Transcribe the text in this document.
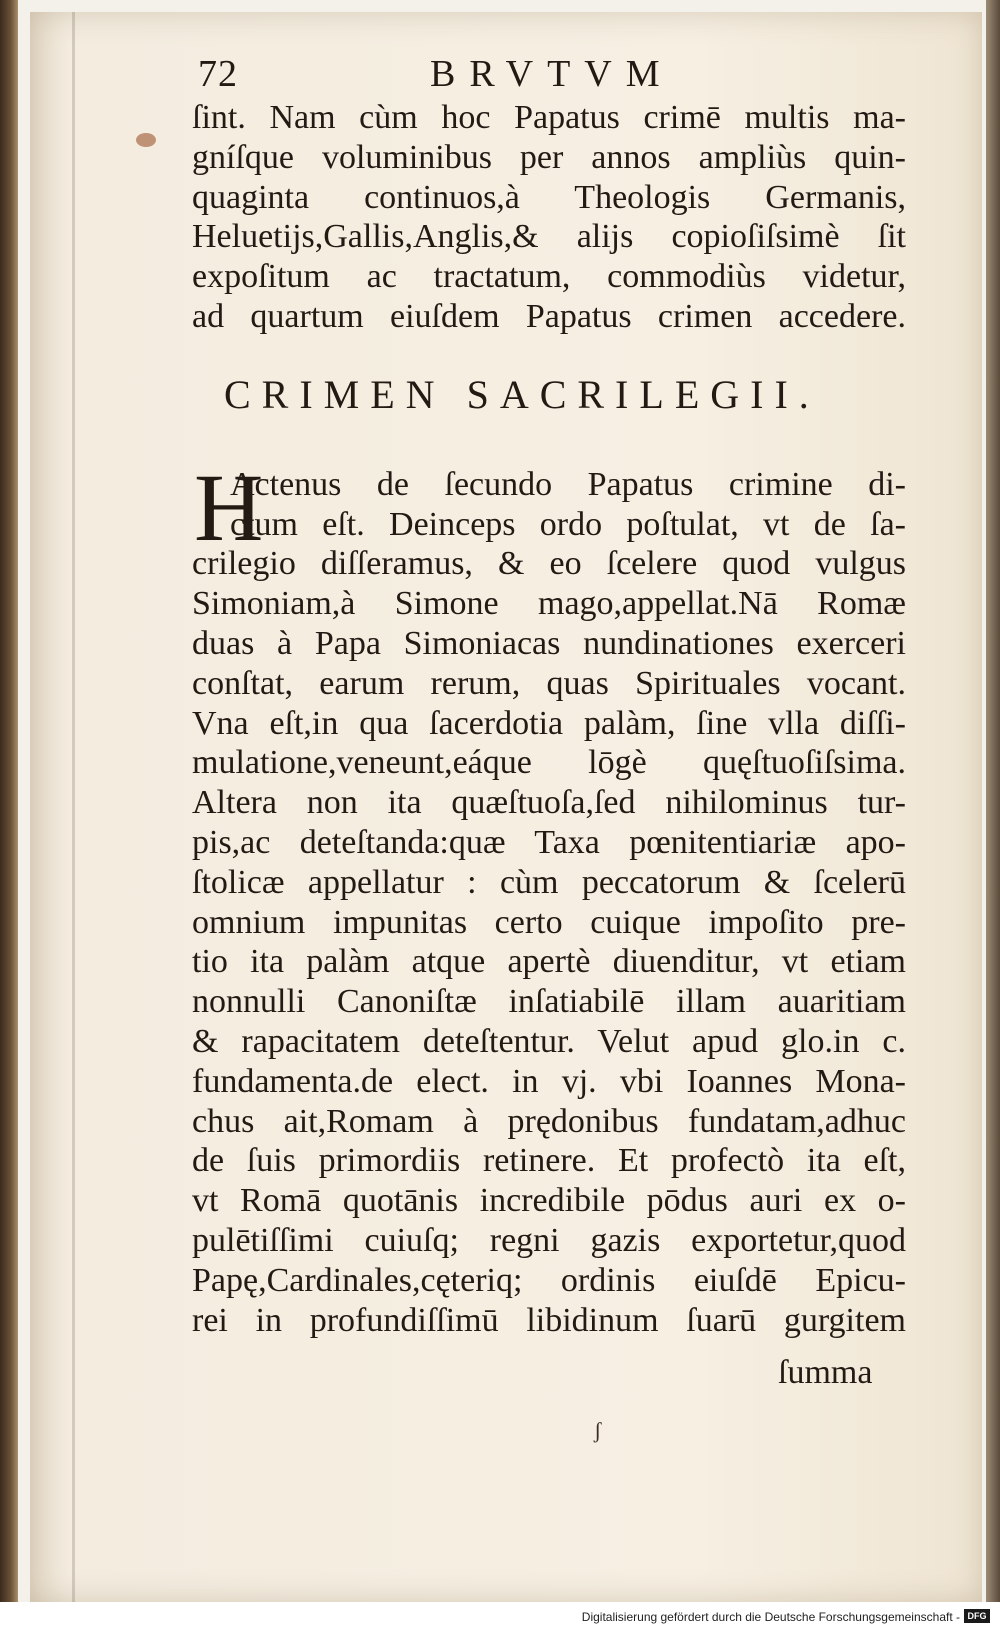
72	BRVTVM
ſint. Nam cùm hoc Papatus crimē multis ma-
gníſque voluminibus per annos ampliùs quin-
quaginta continuos,à Theologis Germanis,
Heluetijs,Gallis,Anglis,& alijs copioſiſsimè ſit
expoſitum ac tractatum, commodiùs videtur,
ad quartum eiuſdem Papatus crimen accedere.
CRIMEN SACRILEGII.
H
Actenus de ſecundo Papatus crimine di-
ctum eſt. Deinceps ordo poſtulat, vt de ſa-
crilegio diſſeramus, & eo ſcelere quod vulgus
Simoniam,à Simone mago,appellat.Nā Romæ
duas à Papa Simoniacas nundinationes exerceri
conſtat, earum rerum, quas Spirituales vocant.
Vna eſt,in qua ſacerdotia palàm, ſine vlla diſſi-
mulatione,veneunt,eáque lōgè quęſtuoſiſsima.
Altera non ita quæſtuoſa,ſed nihilominus tur-
pis,ac deteſtanda:quæ Taxa pœnitentiariæ apo-
ſtolicæ appellatur : cùm peccatorum & ſcelerū
omnium impunitas certo cuique impoſito pre-
tio ita palàm atque apertè diuenditur, vt etiam
nonnulli Canoniſtæ inſatiabilē illam auaritiam
& rapacitatem deteſtentur. Velut apud glo.in c.
fundamenta.de elect. in vj. vbi Ioannes Mona-
chus ait,Romam à prędonibus fundatam,adhuc
de ſuis primordiis retinere. Et profectò ita eſt,
vt Romā quotānis incredibile pōdus auri ex o-
pulētiſſimi cuiuſq; regni gazis exportetur,quod
Papę,Cardinales,cęteriq; ordinis eiuſdē Epicu-
rei in profundiſſimū libidinum ſuarū gurgitem
ſumma
ʃ
Digitalisierung gefördert durch die Deutsche Forschungsgemeinschaft - DFG
